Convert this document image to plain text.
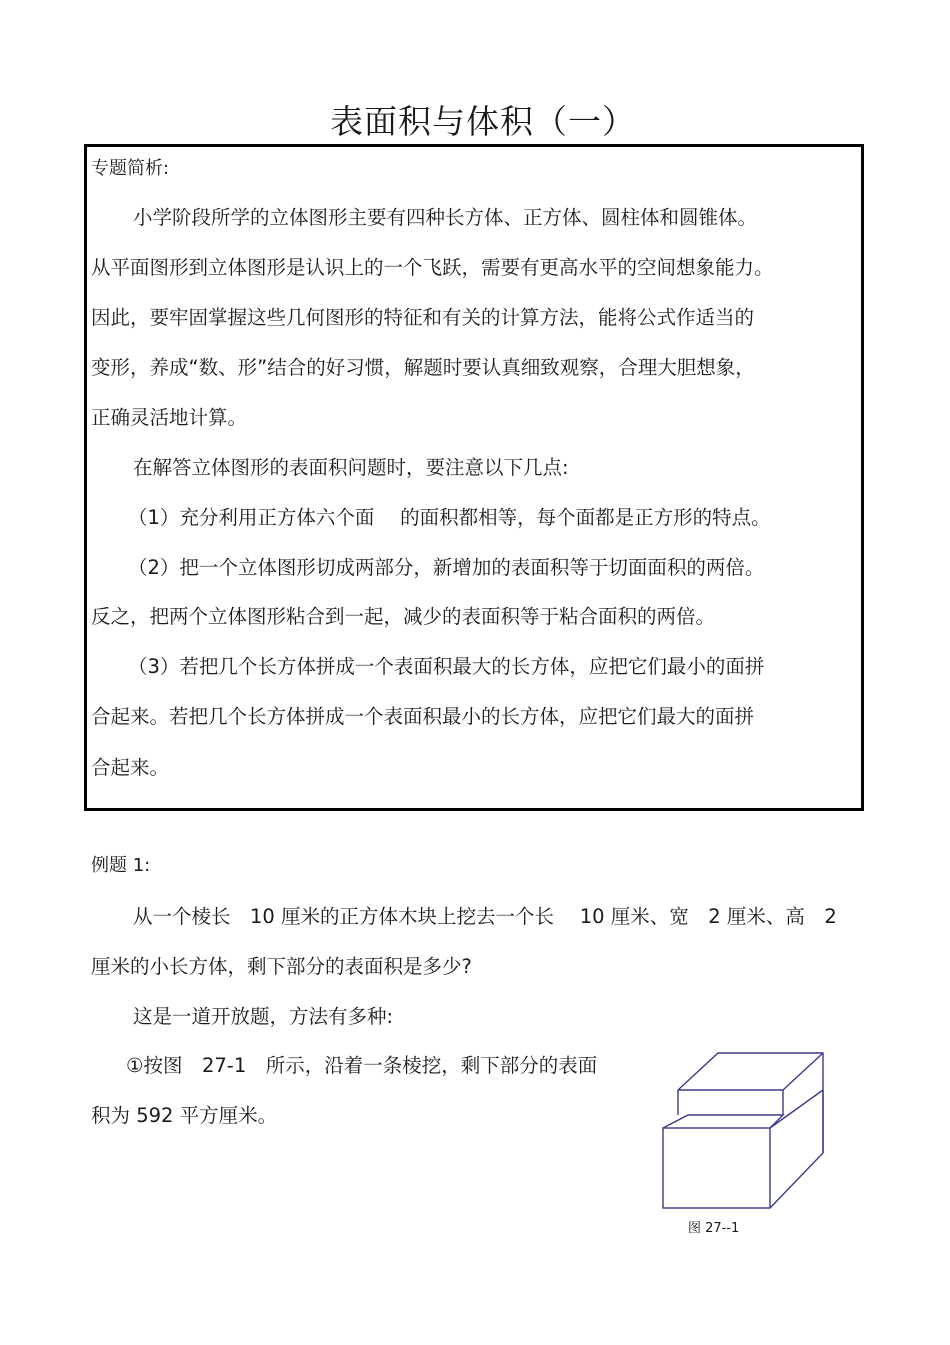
表面积与体积（一）
专题简析:
小学阶段所学的立体图形主要有四种长方体、正方体、圆柱体和圆锥体。
从平面图形到立体图形是认识上的一个飞跃，需要有更高水平的空间想象能力。
因此，要牢固掌握这些几何图形的特征和有关的计算方法，能将公式作适当的
变形，养成“数、形”结合的好习惯，解题时要认真细致观察，合理大胆想象，
正确灵活地计算。
在解答立体图形的表面积问题时，要注意以下几点:
（1）充分利用正方体六个面　 的面积都相等，每个面都是正方形的特点。
（2）把一个立体图形切成两部分，新增加的表面积等于切面面积的两倍。
反之，把两个立体图形粘合到一起，减少的表面积等于粘合面积的两倍。
（3）若把几个长方体拼成一个表面积最大的长方体，应把它们最小的面拼
合起来。若把几个长方体拼成一个表面积最小的长方体，应把它们最大的面拼
合起来。
例题 1:
从一个棱长　10 厘米的正方体木块上挖去一个长　 10 厘米、宽　2 厘米、高　2
厘米的小长方体，剩下部分的表面积是多少?
这是一道开放题，方法有多种:
①按图　27-1　所示，沿着一条棱挖，剩下部分的表面
积为 592 平方厘米。
图 27--1
